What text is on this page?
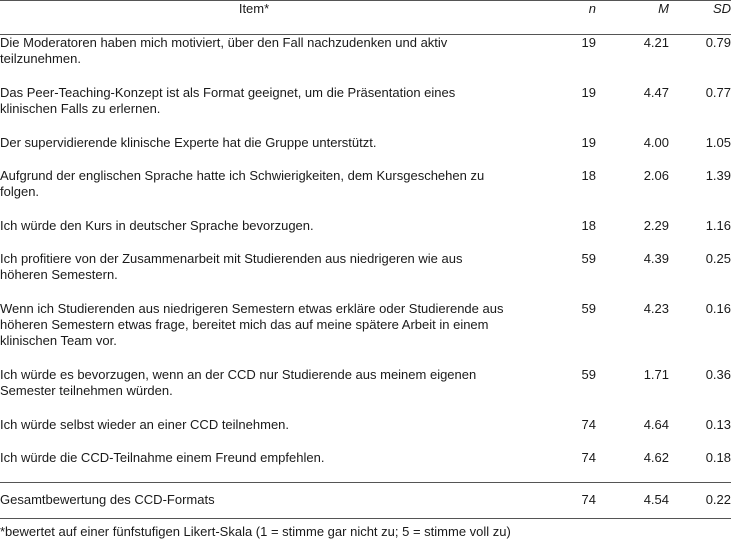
Item*	n	M	SD
Die Moderatoren haben mich motiviert, über den Fall nachzudenken und aktiv teilzunehmen.	19	4.21	0.79
Das Peer-Teaching-Konzept ist als Format geeignet, um die Präsentation eines klinischen Falls zu erlernen.	19	4.47	0.77
Der supervidierende klinische Experte hat die Gruppe unterstützt.	19	4.00	1.05
Aufgrund der englischen Sprache hatte ich Schwierigkeiten, dem Kursgeschehen zu folgen.	18	2.06	1.39
Ich würde den Kurs in deutscher Sprache bevorzugen.	18	2.29	1.16
Ich profitiere von der Zusammenarbeit mit Studierenden aus niedrigeren wie aus höheren Semestern.	59	4.39	0.25
Wenn ich Studierenden aus niedrigeren Semestern etwas erkläre oder Studierende aus höheren Semestern etwas frage, bereitet mich das auf meine spätere Arbeit in einem klinischen Team vor.	59	4.23	0.16
Ich würde es bevorzugen, wenn an der CCD nur Studierende aus meinem eigenen Semester teilnehmen würden.	59	1.71	0.36
Ich würde selbst wieder an einer CCD teilnehmen.	74	4.64	0.13
Ich würde die CCD-Teilnahme einem Freund empfehlen.	74	4.62	0.18
Gesamtbewertung des CCD-Formats	74	4.54	0.22
*bewertet auf einer fünfstufigen Likert-Skala (1 = stimme gar nicht zu; 5 = stimme voll zu)
